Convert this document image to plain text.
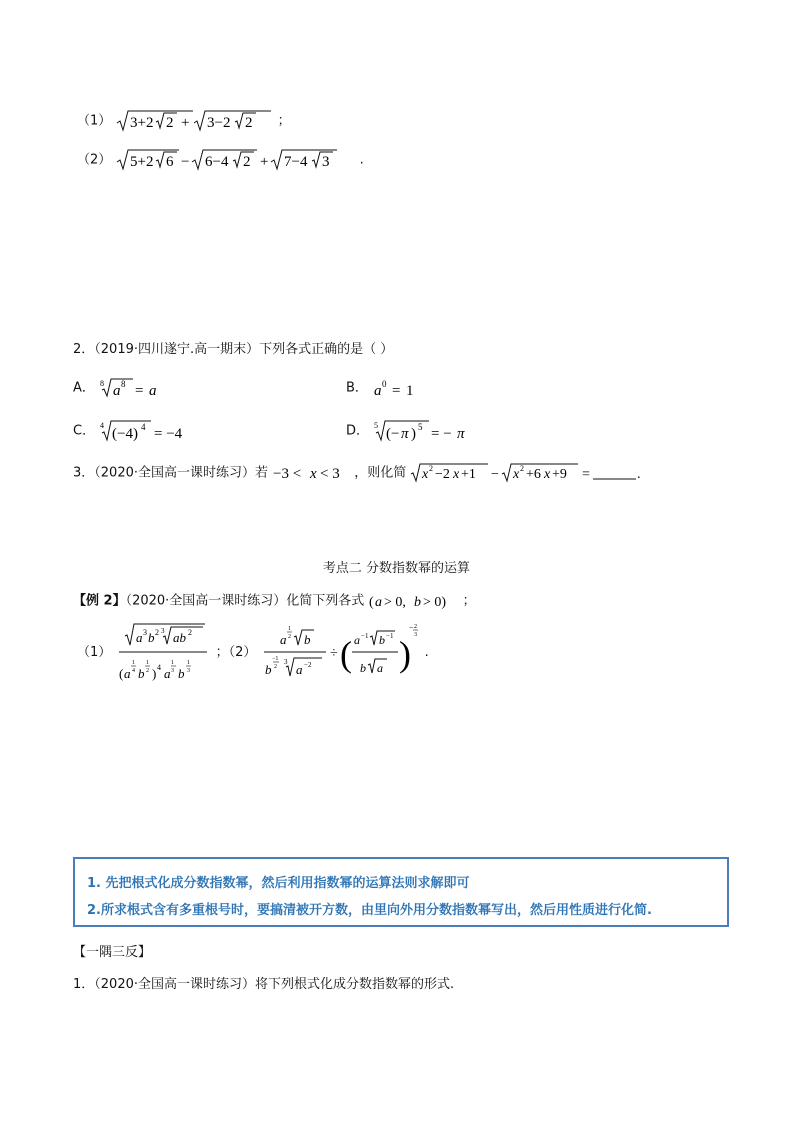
（1） 3+2 2 + 3−2 2 ；
（2） 5+2 6 − 6−4 2 + 7−4 3 .
2．（2019·四川遂宁.高一期末）下列各式正确的是（ ）
A． 8 a 8 = a	B． a 0 = 1
C． 4
(−4) 4 = −4	D． 5
(− π ) 5 = − π
3．（2020·全国高一课时练习）若 −3 < x < 3 ，则化简 x 2 −2 x +1 − x 2 +6 x +9 =	.
考点二 分数指数幂的运算
【例 2】（2020·全国高一课时练习）化简下列各式 ( a > 0, b > 0) ；
（1）
a 3 b 2 3 ab 2
( a
1
4 b
1
2 ) 4 a
1
3 b
1
3
；（2）
a
1
2 b
b
−1
2
3 a −2
÷ ( a −1 b −1
b a )
− 2
3
.
1. 先把根式化成分数指数幂，然后利用指数幂的运算法则求解即可
2.所求根式含有多重根号时，要搞清被开方数，由里向外用分数指数幂写出，然后用性质进行化简.
【一隅三反】
1．（2020·全国高一课时练习）将下列根式化成分数指数幂的形式.
